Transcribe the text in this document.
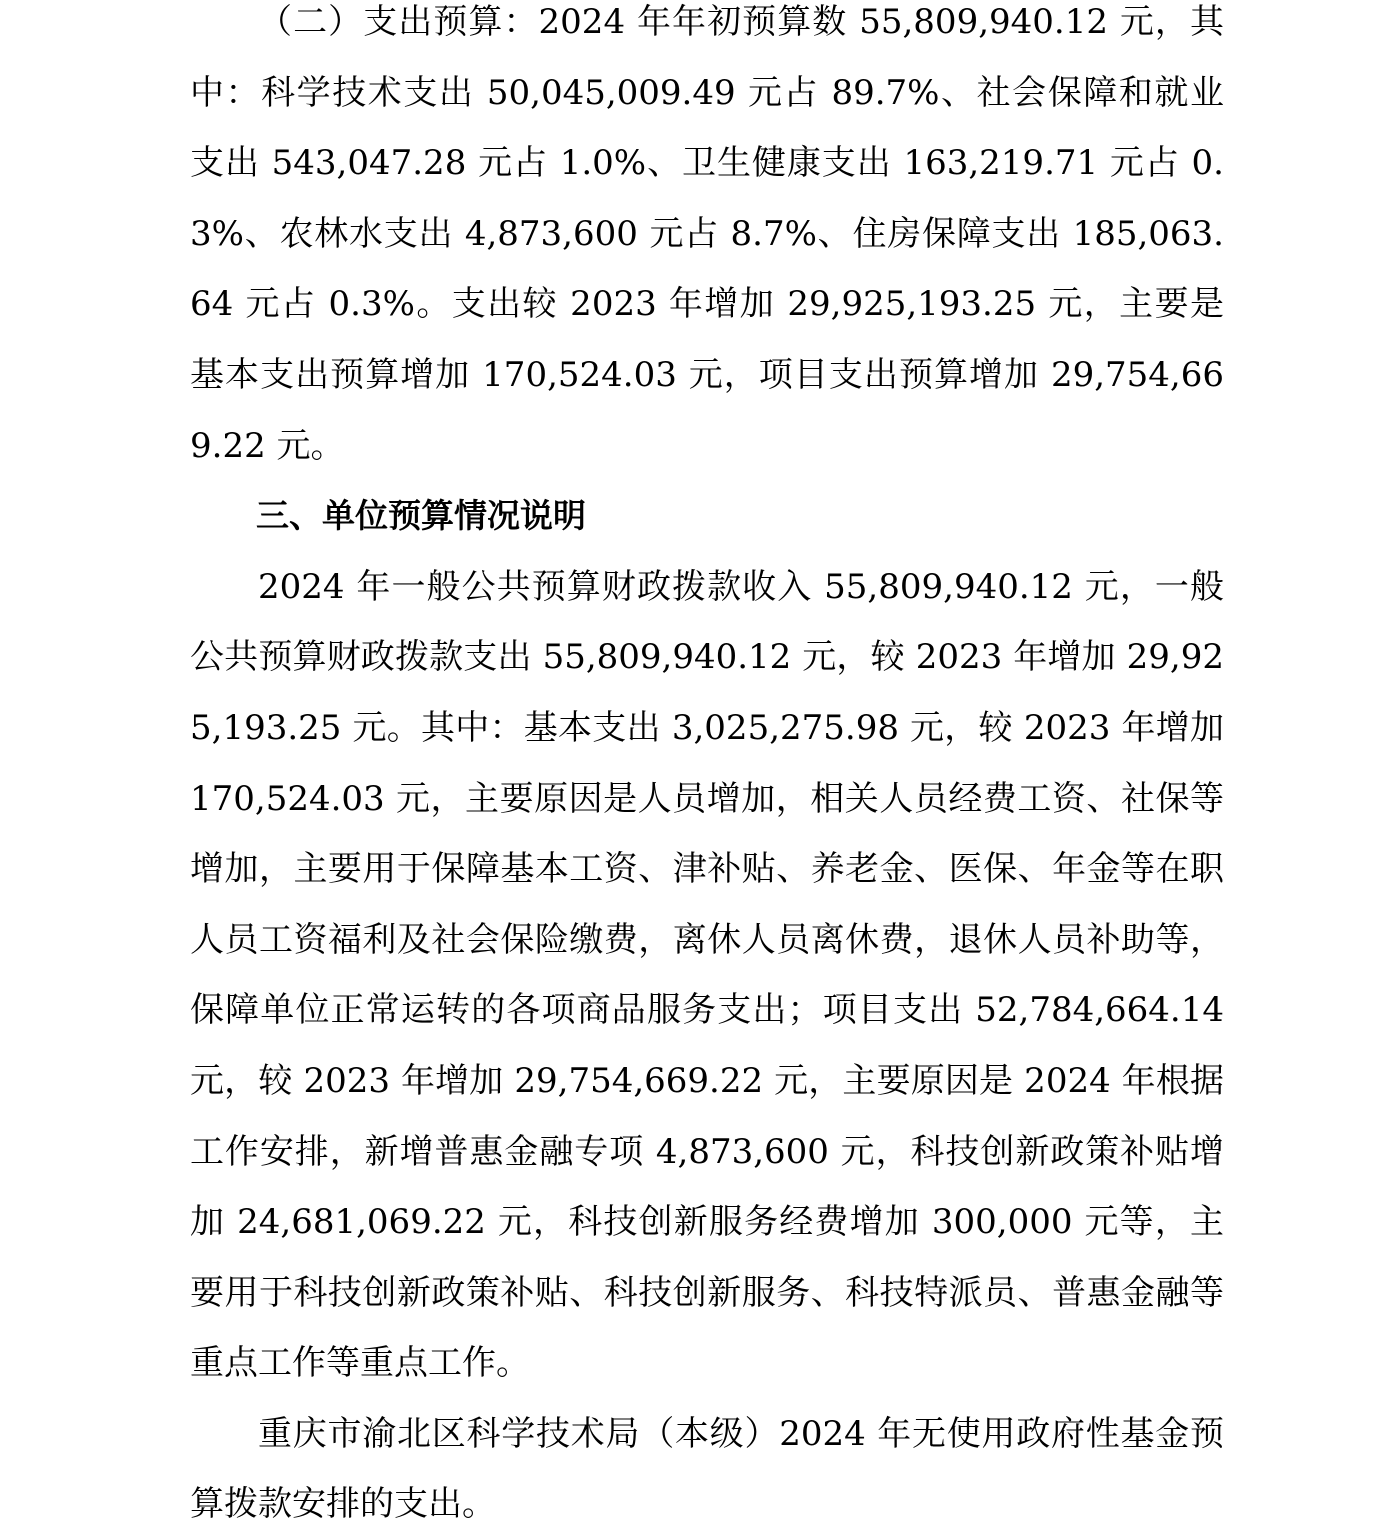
（二）支出预算：2024 年年初预算数 55,809,940.12 元，其中：科学技术支出 50,045,009.49 元占 89.7%、社会保障和就业支出 543,047.28 元占 1.0%、卫生健康支出 163,219.71 元占 0.3%、农林水支出 4,873,600 元占 8.7%、住房保障支出 185,063.64 元占 0.3%。支出较 2023 年增加 29,925,193.25 元，主要是基本支出预算增加 170,524.03 元，项目支出预算增加 29,754,669.22 元。

三、单位预算情况说明

2024 年一般公共预算财政拨款收入 55,809,940.12 元，一般公共预算财政拨款支出 55,809,940.12 元，较 2023 年增加 29,925,193.25 元。其中：基本支出 3,025,275.98 元，较 2023 年增加 170,524.03 元，主要原因是人员增加，相关人员经费工资、社保等增加，主要用于保障基本工资、津补贴、养老金、医保、年金等在职人员工资福利及社会保险缴费，离休人员离休费，退休人员补助等，保障单位正常运转的各项商品服务支出；项目支出 52,784,664.14 元，较 2023 年增加 29,754,669.22 元，主要原因是 2024 年根据工作安排，新增普惠金融专项 4,873,600 元，科技创新政策补贴增加 24,681,069.22 元，科技创新服务经费增加 300,000 元等，主要用于科技创新政策补贴、科技创新服务、科技特派员、普惠金融等重点工作等重点工作。

重庆市渝北区科学技术局（本级）2024 年无使用政府性基金预算拨款安排的支出。
